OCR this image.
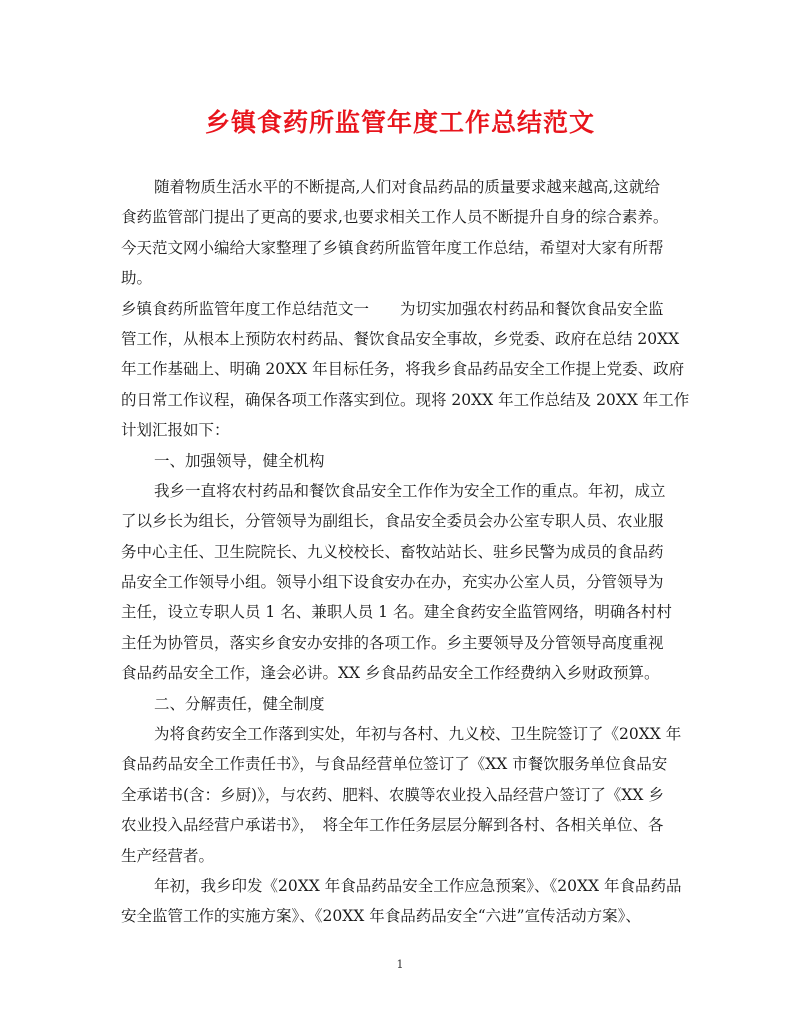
乡镇食药所监管年度工作总结范文
随着物质生活水平的不断提高,人们对食品药品的质量要求越来越高,这就给
食药监管部门提出了更高的要求,也要求相关工作人员不断提升自身的综合素养。
今天范文网小编给大家整理了乡镇食药所监管年度工作总结，希望对大家有所帮
助。
乡镇食药所监管年度工作总结范文一　　为切实加强农村药品和餐饮食品安全监
管工作，从根本上预防农村药品、餐饮食品安全事故，乡党委、政府在总结 20XX
年工作基础上、明确 20XX 年目标任务，将我乡食品药品安全工作提上党委、政府
的日常工作议程，确保各项工作落实到位。现将 20XX 年工作总结及 20XX 年工作
计划汇报如下：
一、加强领导，健全机构
我乡一直将农村药品和餐饮食品安全工作作为安全工作的重点。年初，成立
了以乡长为组长，分管领导为副组长，食品安全委员会办公室专职人员、农业服
务中心主任、卫生院院长、九义校校长、畜牧站站长、驻乡民警为成员的食品药
品安全工作领导小组。领导小组下设食安办在办，充实办公室人员，分管领导为
主任，设立专职人员 1 名、兼职人员 1 名。建全食药安全监管网络，明确各村村
主任为协管员，落实乡食安办安排的各项工作。乡主要领导及分管领导高度重视
食品药品安全工作，逢会必讲。XX 乡食品药品安全工作经费纳入乡财政预算。
二、分解责任，健全制度
为将食药安全工作落到实处，年初与各村、九义校、卫生院签订了《20XX 年
食品药品安全工作责任书》，与食品经营单位签订了《XX 市餐饮服务单位食品安
全承诺书(含：乡厨)》，与农药、肥料、农膜等农业投入品经营户签订了《XX 乡
农业投入品经营户承诺书》，　将全年工作任务层层分解到各村、各相关单位、各
生产经营者。
年初，我乡印发《20XX 年食品药品安全工作应急预案》、《20XX 年食品药品
安全监管工作的实施方案》、《20XX 年食品药品安全“六进”宣传活动方案》、
1
